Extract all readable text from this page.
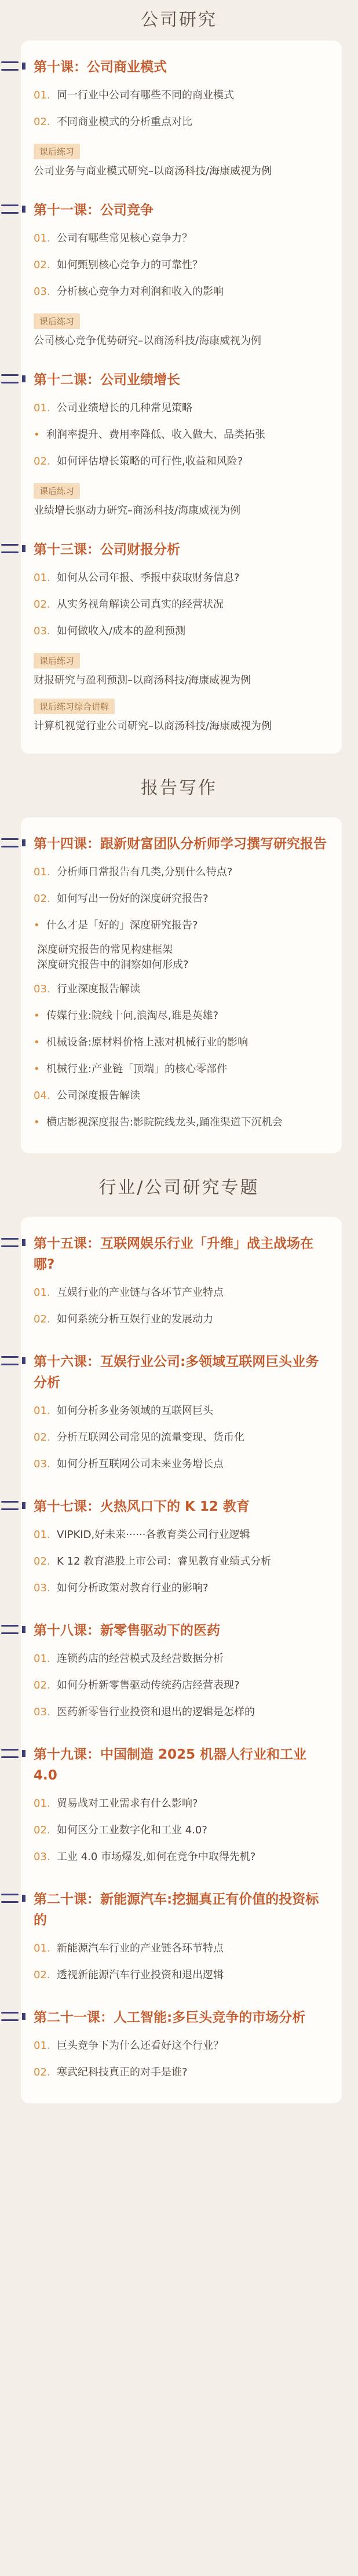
公司研究
第十课：公司商业模式
01. 同一行业中公司有哪些不同的商业模式
02. 不同商业模式的分析重点对比
课后练习
公司业务与商业模式研究–以商汤科技/海康威视为例
第十一课：公司竞争
01. 公司有哪些常见核心竞争力？
02. 如何甄别核心竞争力的可靠性？
03. 分析核心竞争力对利润和收入的影响
课后练习
公司核心竞争优势研究–以商汤科技/海康威视为例
第十二课：公司业绩增长
01. 公司业绩增长的几种常见策略
• 利润率提升、费用率降低、收入做大、品类拓张
02. 如何评估增长策略的可行性,收益和风险?
课后练习
业绩增长驱动力研究–商汤科技/海康威视为例
第十三课：公司财报分析
01. 如何从公司年报、季报中获取财务信息?
02. 从实务视角解读公司真实的经营状况
03. 如何做收入/成本的盈利预测
课后练习
财报研究与盈利预测–以商汤科技/海康威视为例
课后练习综合讲解
计算机视觉行业公司研究–以商汤科技/海康威视为例
报告写作
第十四课：跟新财富团队分析师学习撰写研究报告
01. 分析师日常报告有几类,分别什么特点?
02. 如何写出一份好的深度研究报告?
• 什么才是「好的」深度研究报告?
深度研究报告的常见构建框架
深度研究报告中的洞察如何形成?
03. 行业深度报告解读
• 传媒行业:院线十问,浪淘尽,谁是英雄?
• 机械设备:原材料价格上涨对机械行业的影响
• 机械行业:产业链「顶端」的核心零部件
04. 公司深度报告解读
• 横店影视深度报告:影院院线龙头,踊准渠道下沉机会
行业/公司研究专题
第十五课：互联网娱乐行业「升维」战主战场在哪?
01. 互娱行业的产业链与各环节产业特点
02. 如何系统分析互娱行业的发展动力
第十六课：互娱行业公司:多领域互联网巨头业务分析
01. 如何分析多业务领域的互联网巨头
02. 分析互联网公司常见的流量变现、货币化
03. 如何分析互联网公司未来业务增长点
第十七课：火热风口下的 K 12 教育
01. VIPKID,好未来······各教育类公司行业逻辑
02. K 12 教育港股上市公司：睿见教育业绩式分析
03. 如何分析政策对教育行业的影响?
第十八课：新零售驱动下的医药
01. 连锁药店的经营模式及经营数据分析
02. 如何分析新零售驱动传统药店经营表现?
03. 医药新零售行业投资和退出的逻辑是怎样的
第十九课：中国制造 2025 机器人行业和工业 4.0
01. 贸易战对工业需求有什么影响?
02. 如何区分工业数字化和工业 4.0?
03. 工业 4.0 市场爆发,如何在竞争中取得先机?
第二十课：新能源汽车:挖掘真正有价值的投资标的
01. 新能源汽车行业的产业链各环节特点
02. 透视新能源汽车行业投资和退出逻辑
第二十一课：人工智能:多巨头竞争的市场分析
01. 巨头竞争下为什么还看好这个行业？
02. 寒武纪科技真正的对手是谁?
